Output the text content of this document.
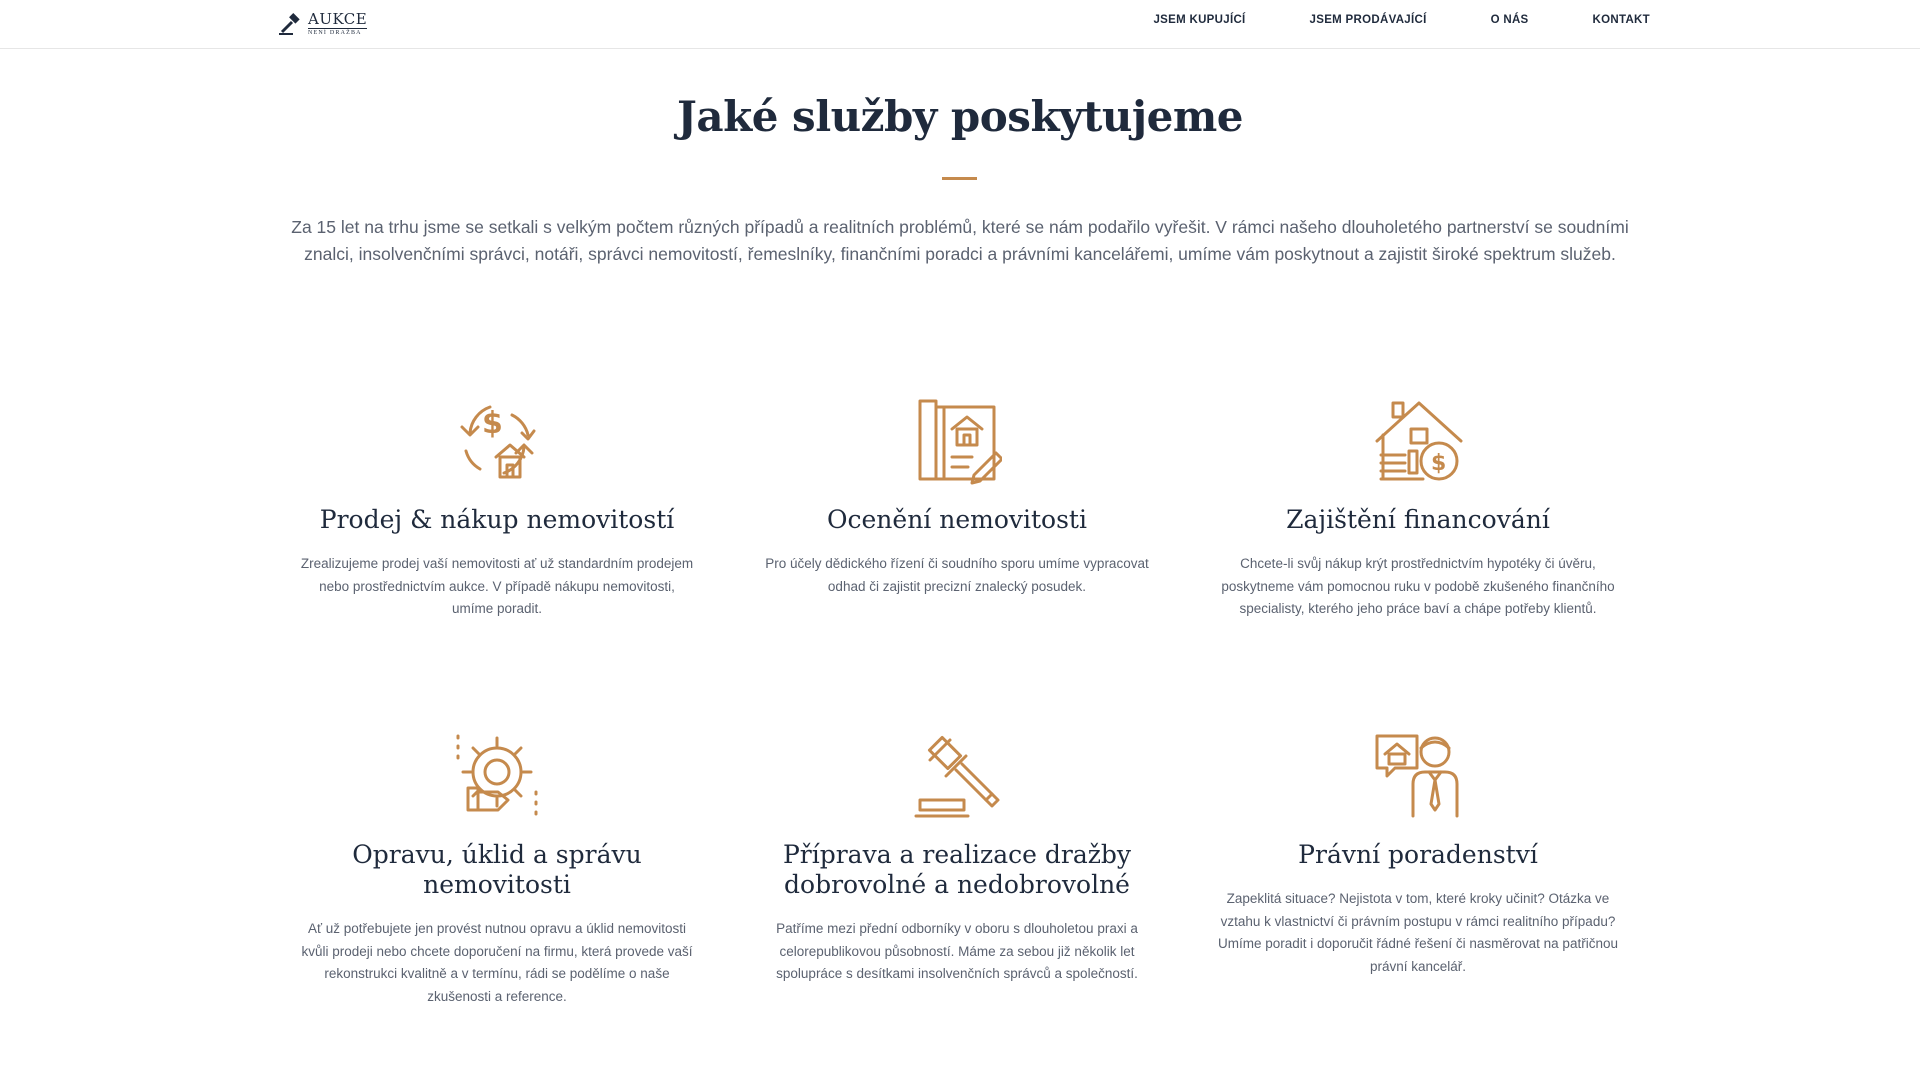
AUKCE
NENÍ DRAŽBA
JSEM KUPUJÍCÍ	JSEM PRODÁVAJÍCÍ	O NÁS	KONTAKT
Jaké služby poskytujeme

Za 15 let na trhu jsme se setkali s velkým počtem různých případů a realitních problémů, které se nám podařilo vyřešit. V rámci našeho dlouholetého partnerství se soudními znalci, insolvenčními správci, notáři, správci nemovitostí, řemeslníky, finančními poradci a právními kancelářemi, umíme vám poskytnout a zajistit široké spektrum služeb.

$
Prodej & nákup nemovitostí

Zrealizujeme prodej vaší nemovitosti ať už standardním prodejem nebo prostřednictvím aukce. V případě nákupu nemovitosti, umíme poradit.

Ocenění nemovitosti

Pro účely dědického řízení či soudního sporu umíme vypracovat odhad či zajistit precizní znalecký posudek.

$
Zajištění financování

Chcete-li svůj nákup krýt prostřednictvím hypotéky či úvěru, poskytneme vám pomocnou ruku v podobě zkušeného finančního specialisty, kterého jeho práce baví a chápe potřeby klientů.

Opravu, úklid a správu nemovitosti

Ať už potřebujete jen provést nutnou opravu a úklid nemovitosti kvůli prodeji nebo chcete doporučení na firmu, která provede vaší rekonstrukci kvalitně a v termínu, rádi se podělíme o naše zkušenosti a reference.

Příprava a realizace dražby dobrovolné a nedobrovolné

Patříme mezi přední odborníky v oboru s dlouholetou praxi a celorepublikovou působností. Máme za sebou již několik let spolupráce s desítkami insolvenčních správců a společností.

Právní poradenství

Zapeklitá situace? Nejistota v tom, které kroky učinit? Otázka ve vztahu k vlastnictví či právním postupu v rámci realitního případu? Umíme poradit i doporučit řádné řešení či nasměrovat na patřičnou právní kancelář.
